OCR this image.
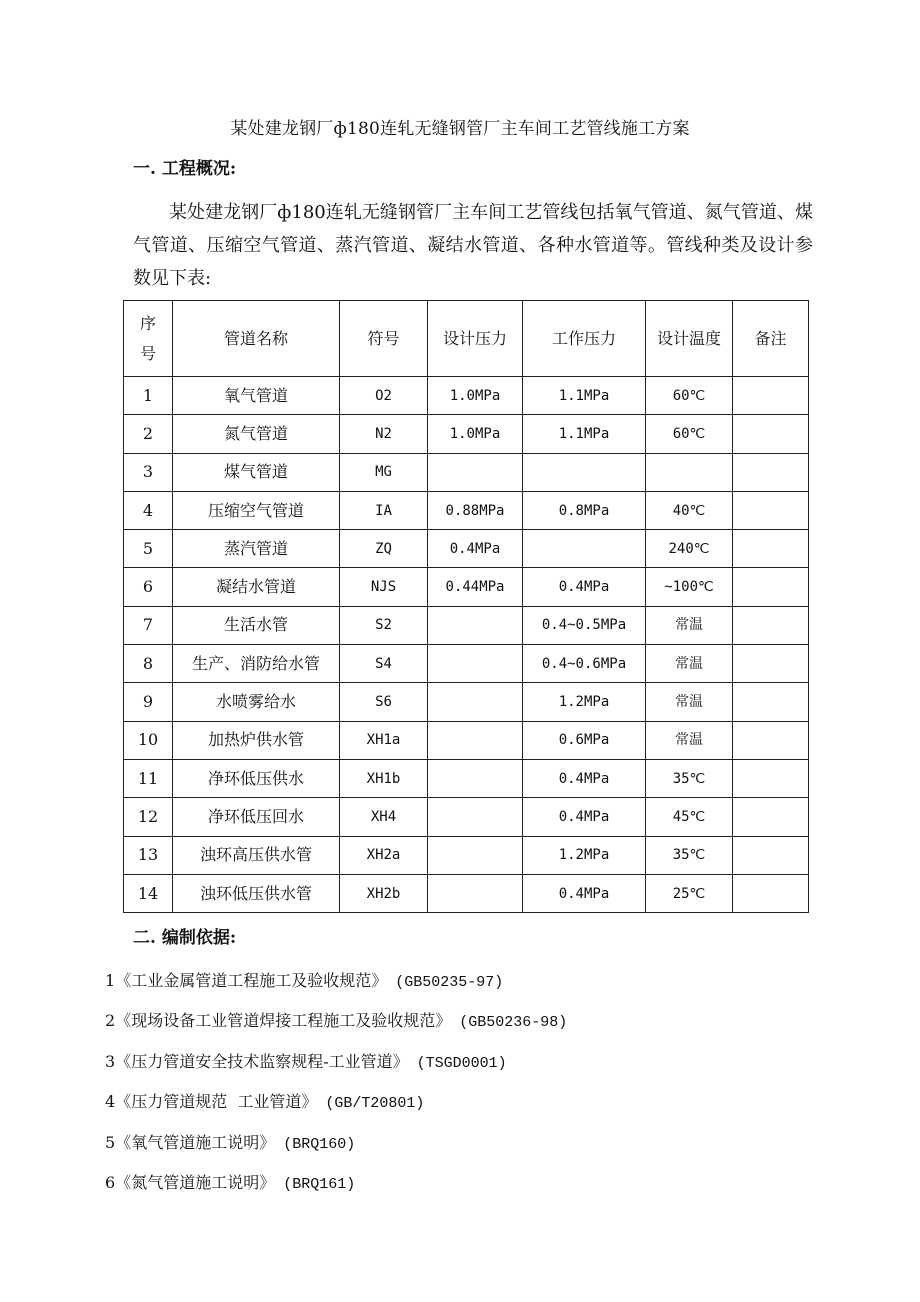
某处建龙钢厂ф180连轧无缝钢管厂主车间工艺管线施工方案
一. 工程概况:
某处建龙钢厂ф180连轧无缝钢管厂主车间工艺管线包括氧气管道、氮气管道、煤气管道、压缩空气管道、蒸汽管道、凝结水管道、各种水管道等。管线种类及设计参数见下表:
序号	管道名称	符号	设计压力	工作压力	设计温度	备注
1	氧气管道	O2	1.0MPa	1.1MPa	60℃	
2	氮气管道	N2	1.0MPa	1.1MPa	60℃	
3	煤气管道	MG				
4	压缩空气管道	IA	0.88MPa	0.8MPa	40℃	
5	蒸汽管道	ZQ	0.4MPa		240℃	
6	凝结水管道	NJS	0.44MPa	0.4MPa	~100℃	
7	生活水管	S2		0.4~0.5MPa	常温	
8	生产、消防给水管	S4		0.4~0.6MPa	常温	
9	水喷雾给水	S6		1.2MPa	常温	
10	加热炉供水管	XH1a		0.6MPa	常温	
11	净环低压供水	XH1b		0.4MPa	35℃	
12	净环低压回水	XH4		0.4MPa	45℃	
13	浊环高压供水管	XH2a		1.2MPa	35℃	
14	浊环低压供水管	XH2b		0.4MPa	25℃	
二. 编制依据:
1《工业金属管道工程施工及验收规范》 (GB50235-97)
2《现场设备工业管道焊接工程施工及验收规范》 (GB50236-98)
3《压力管道安全技术监察规程-工业管道》 (TSGD0001)
4《压力管道规范  工业管道》 (GB/T20801)
5《氧气管道施工说明》 (BRQ160)
6《氮气管道施工说明》 (BRQ161)
